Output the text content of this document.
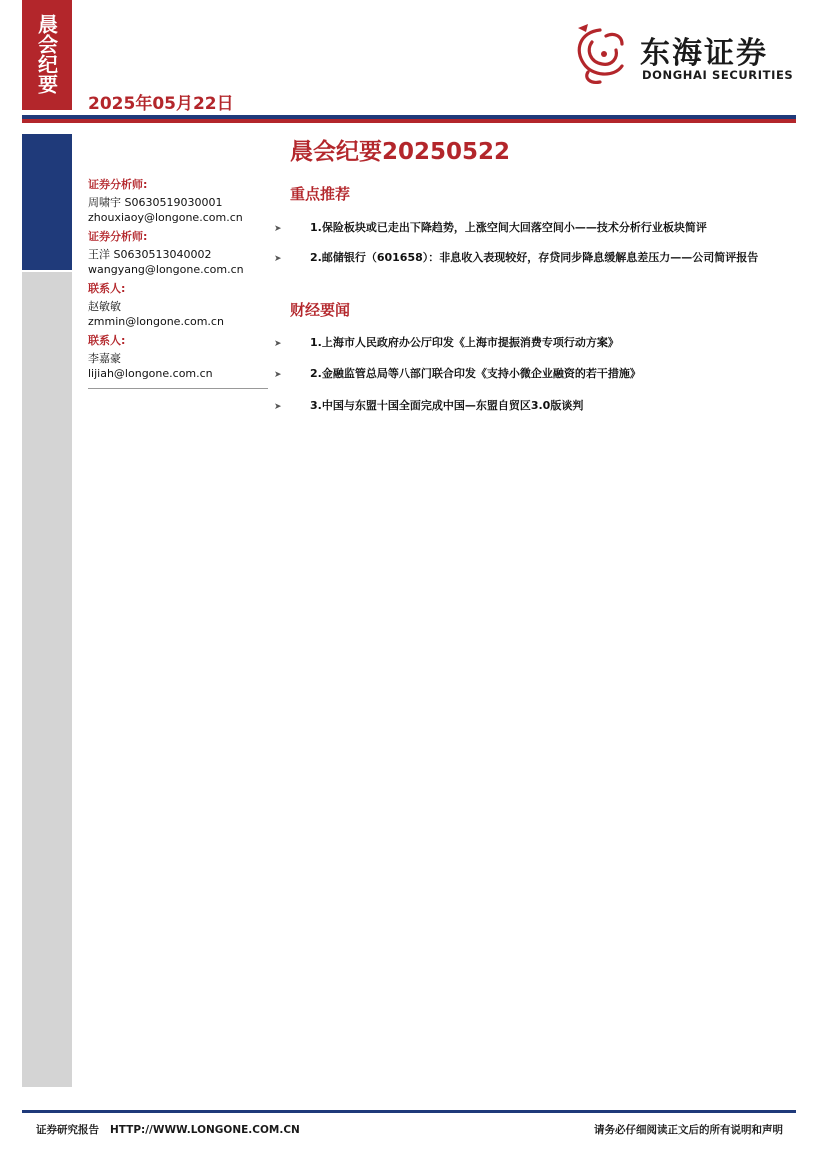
晨会纪要
2025年05月22日
东海证券
DONGHAI SECURITIES
证券分析师:
周啸宇 S0630519030001
zhouxiaoy@longone.com.cn
证券分析师:
王洋 S0630513040002
wangyang@longone.com.cn
联系人:
赵敏敏
zmmin@longone.com.cn
联系人:
李嘉豪
lijiah@longone.com.cn
晨会纪要20250522
重点推荐
➤	1.保险板块或已走出下降趋势，上涨空间大回落空间小——技术分析行业板块简评
➤	2.邮储银行（601658）：非息收入表现较好，存贷同步降息缓解息差压力——公司简评报告
财经要闻
➤	1.上海市人民政府办公厅印发《上海市提振消费专项行动方案》
➤	2.金融监管总局等八部门联合印发《支持小微企业融资的若干措施》
➤	3.中国与东盟十国全面完成中国—东盟自贸区3.0版谈判
证券研究报告   HTTP://WWW.LONGONE.COM.CN	请务必仔细阅读正文后的所有说明和声明
